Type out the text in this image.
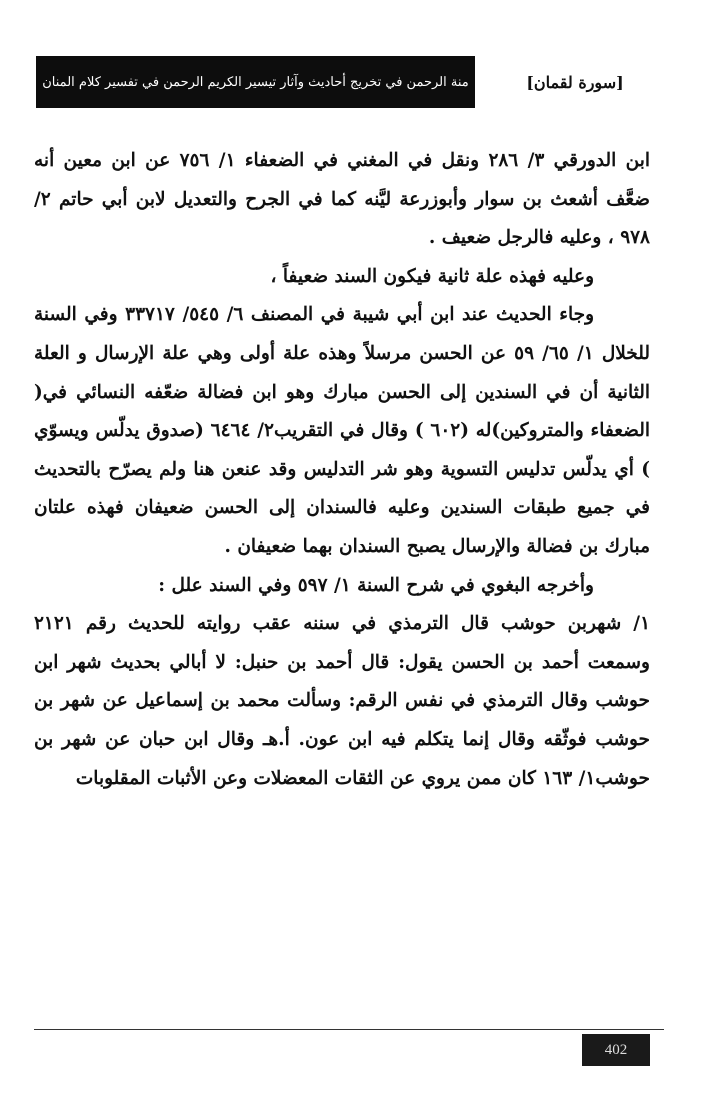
منة الرحمن في تخريج أحاديث وآثار تيسير الكريم الرحمن في تفسير كلام المنان	[سورة لقمان]

ابن الدورقي ٣/ ٢٨٦ ونقل في المغني في الضعفاء ١/ ٧٥٦ عن ابن معين أنه ضعَّف أشعث بن سوار وأبوزرعة ليَّنه كما في الجرح والتعديل لابن أبي حاتم ٢/ ٩٧٨ ، وعليه فالرجل ضعيف .

وعليه فهذه علة ثانية فيكون السند ضعيفاً ،

وجاء الحديث عند ابن أبي شيبة في المصنف ٦/ ٥٤٥/ ٣٣٧١٧ وفي السنة للخلال ١/ ٦٥/ ٥٩ عن الحسن مرسلاً وهذه علة أولى وهي علة الإرسال و العلة الثانية أن في السندين إلى الحسن مبارك وهو ابن فضالة ضعّفه النسائي في( الضعفاء والمتروكين)له (٦٠٢ ) وقال في التقريب٢/ ٦٤٦٤ (صدوق يدلّس ويسوّي ) أي يدلّس تدليس التسوية وهو شر التدليس وقد عنعن هنا ولم يصرّح بالتحديث في جميع طبقات السندين وعليه فالسندان إلى الحسن ضعيفان فهذه علتان مبارك بن فضالة والإرسال يصبح السندان بهما ضعيفان .

وأخرجه البغوي في شرح السنة ١/ ٥٩٧ وفي السند علل :

١/ شهربن حوشب قال الترمذي في سننه عقب روايته للحديث رقم ٢١٢١ وسمعت أحمد بن الحسن يقول: قال أحمد بن حنبل: لا أبالي بحديث شهر ابن حوشب وقال الترمذي في نفس الرقم: وسألت محمد بن إسماعيل عن شهر بن حوشب فوثّقه وقال إنما يتكلم فيه ابن عون. أ.هـ وقال ابن حبان عن شهر بن حوشب١/ ١٦٣ كان ممن يروي عن الثقات المعضلات وعن الأثبات المقلوبات

402
